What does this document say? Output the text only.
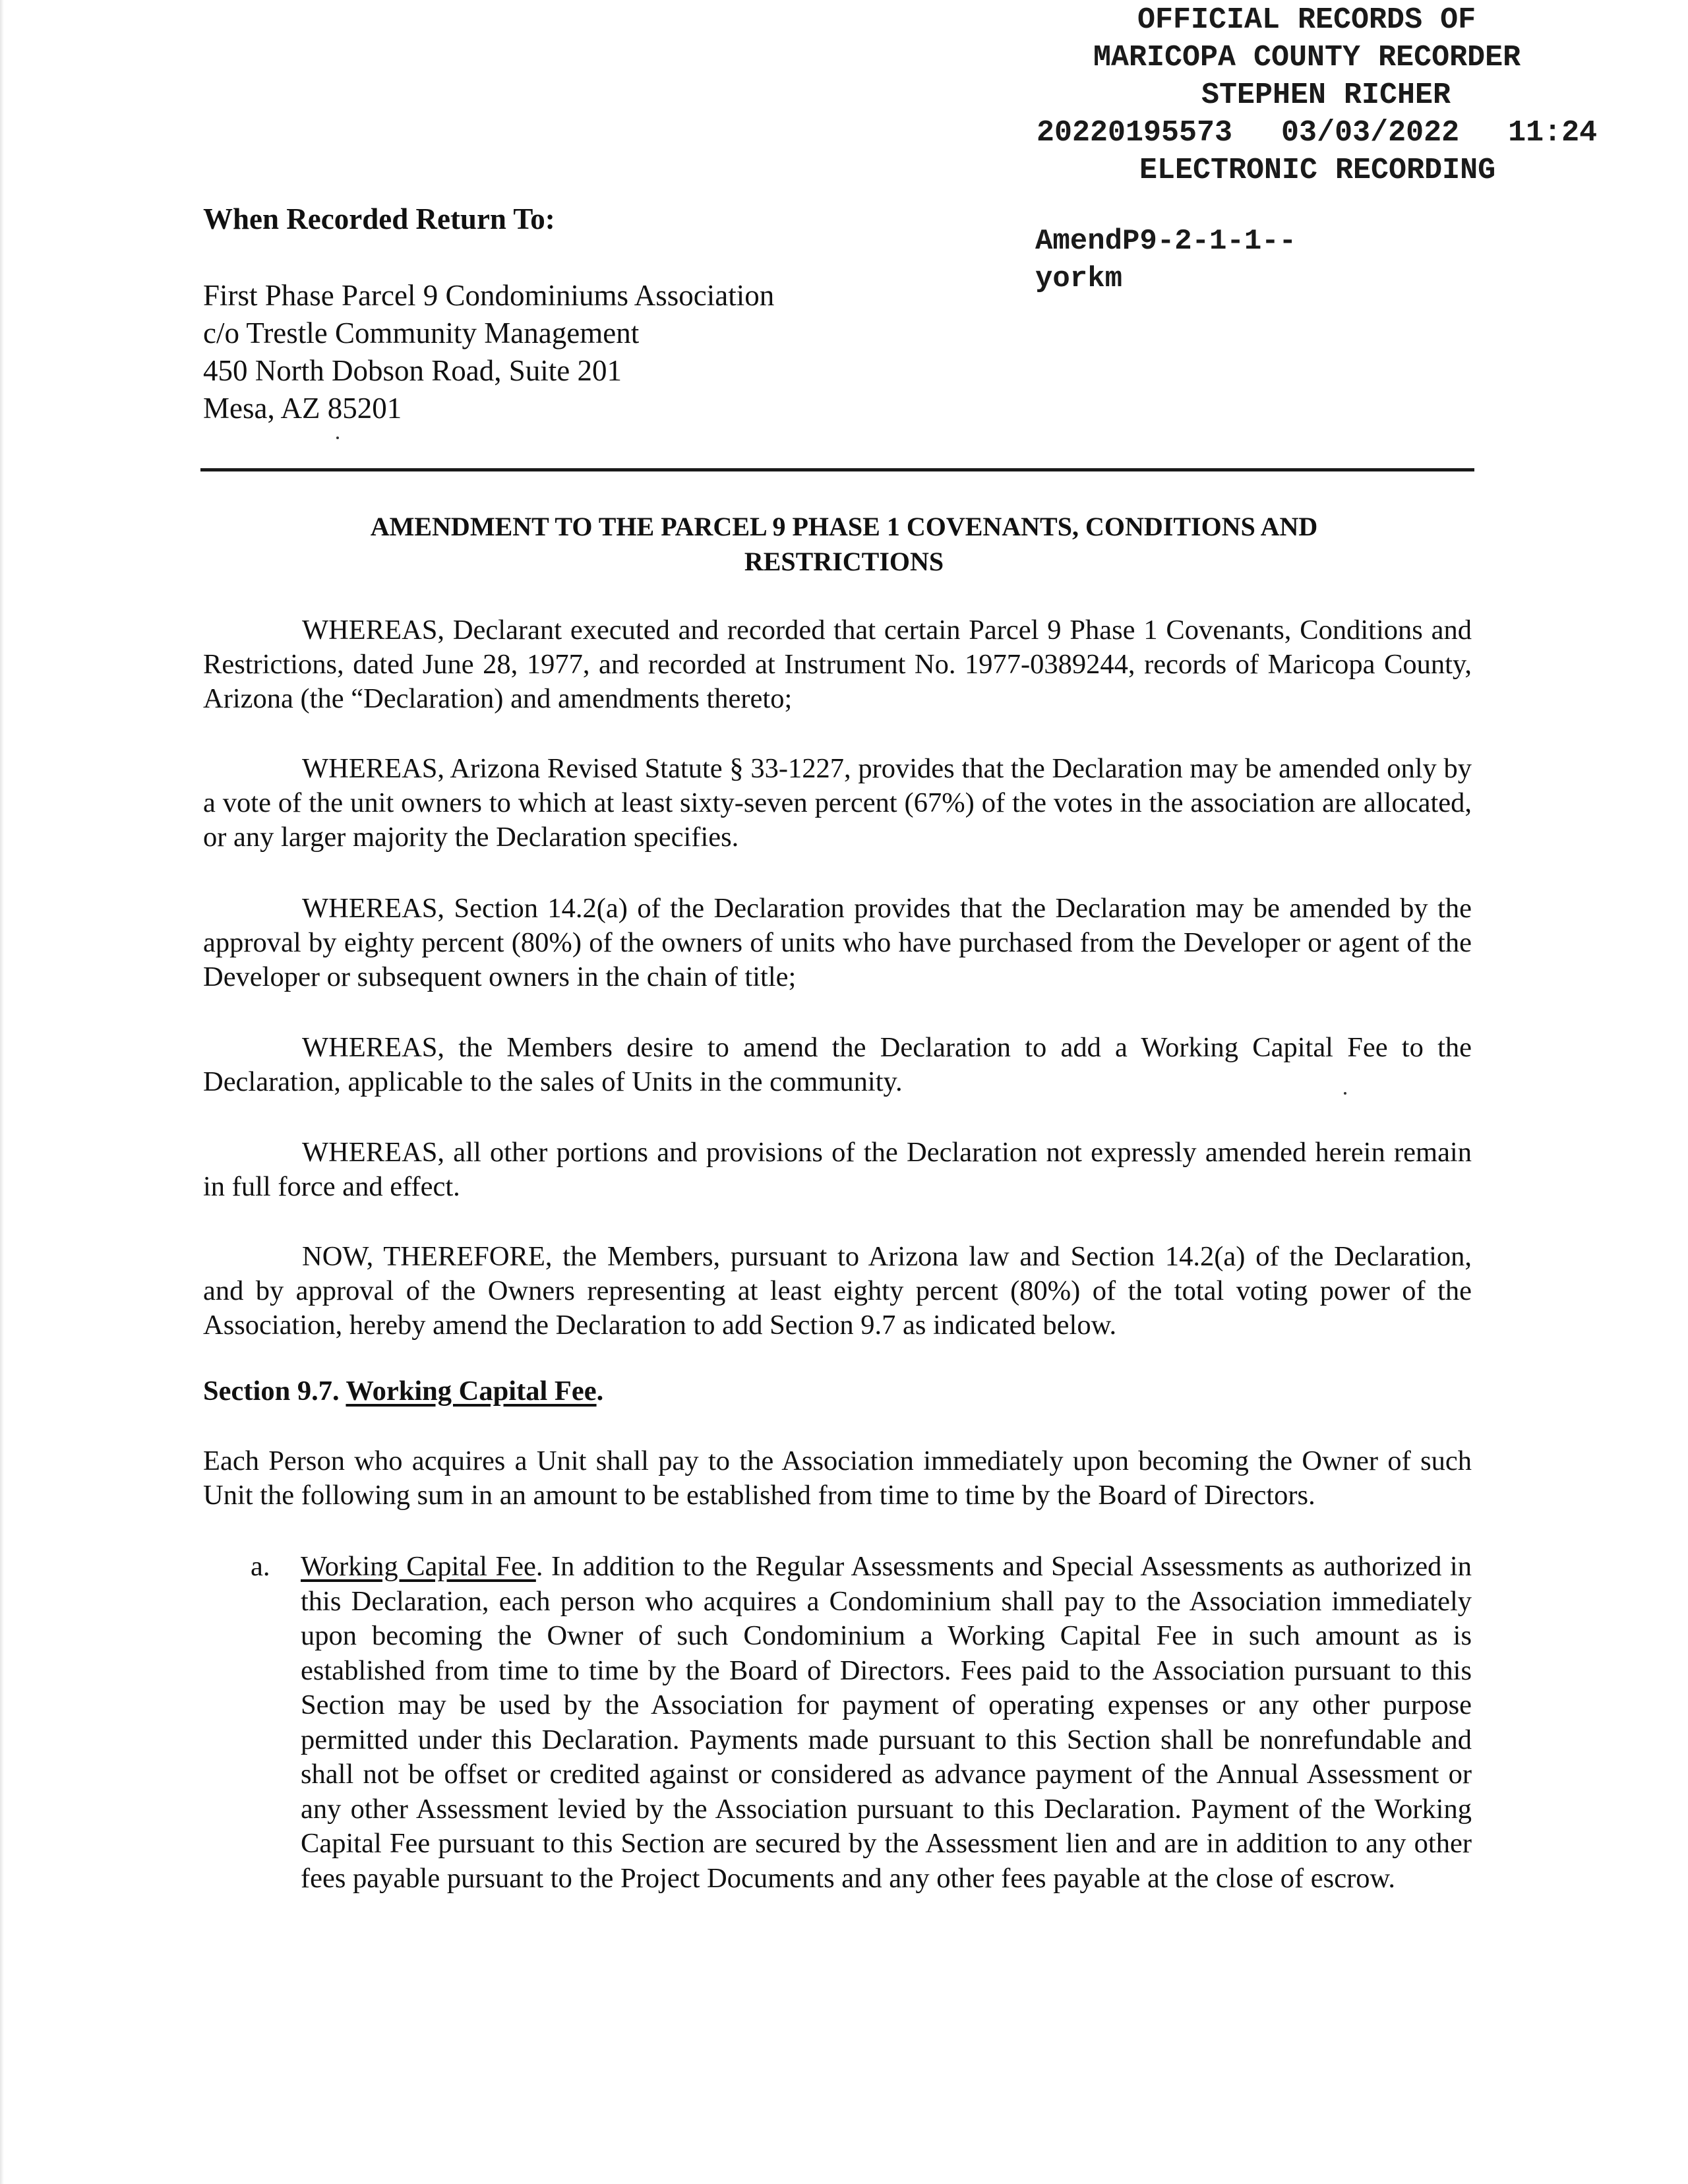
OFFICIAL RECORDS OF
MARICOPA COUNTY RECORDER
STEPHEN RICHER
20220195573  03/03/2022  11:24
ELECTRONIC RECORDING
AmendP9-2-1-1--
yorkm
When Recorded Return To:
First Phase Parcel 9 Condominiums Association
c/o Trestle Community Management
450 North Dobson Road, Suite 201
Mesa, AZ 85201
AMENDMENT TO THE PARCEL 9 PHASE 1 COVENANTS, CONDITIONS AND
RESTRICTIONS

WHEREAS, Declarant executed and recorded that certain Parcel 9 Phase 1 Covenants, Conditions and Restrictions, dated June 28, 1977, and recorded at Instrument No. 1977-0389244, records of Maricopa County, Arizona (the “Declaration) and amendments thereto;

WHEREAS, Arizona Revised Statute § 33-1227, provides that the Declaration may be amended only by a vote of the unit owners to which at least sixty-seven percent (67%) of the votes in the association are allocated, or any larger majority the Declaration specifies.

WHEREAS, Section 14.2(a) of the Declaration provides that the Declaration may be amended by the approval by eighty percent (80%) of the owners of units who have purchased from the Developer or agent of the Developer or subsequent owners in the chain of title;

WHEREAS, the Members desire to amend the Declaration to add a Working Capital Fee to the Declaration, applicable to the sales of Units in the community.

WHEREAS, all other portions and provisions of the Declaration not expressly amended herein remain in full force and effect.

NOW, THEREFORE, the Members, pursuant to Arizona law and Section 14.2(a) of the Declaration, and by approval of the Owners representing at least eighty percent (80%) of the total voting power of the Association, hereby amend the Declaration to add Section 9.7 as indicated below.

Section 9.7. Working Capital Fee.

Each Person who acquires a Unit shall pay to the Association immediately upon becoming the Owner of such Unit the following sum in an amount to be established from time to time by the Board of Directors.

a. Working Capital Fee. In addition to the Regular Assessments and Special Assessments as authorized in this Declaration, each person who acquires a Condominium shall pay to the Association immediately upon becoming the Owner of such Condominium a Working Capital Fee in such amount as is established from time to time by the Board of Directors. Fees paid to the Association pursuant to this Section may be used by the Association for payment of operating expenses or any other purpose permitted under this Declaration. Payments made pursuant to this Section shall be nonrefundable and shall not be offset or credited against or considered as advance payment of the Annual Assessment or any other Assessment levied by the Association pursuant to this Declaration. Payment of the Working Capital Fee pursuant to this Section are secured by the Assessment lien and are in addition to any other fees payable pursuant to the Project Documents and any other fees payable at the close of escrow.
